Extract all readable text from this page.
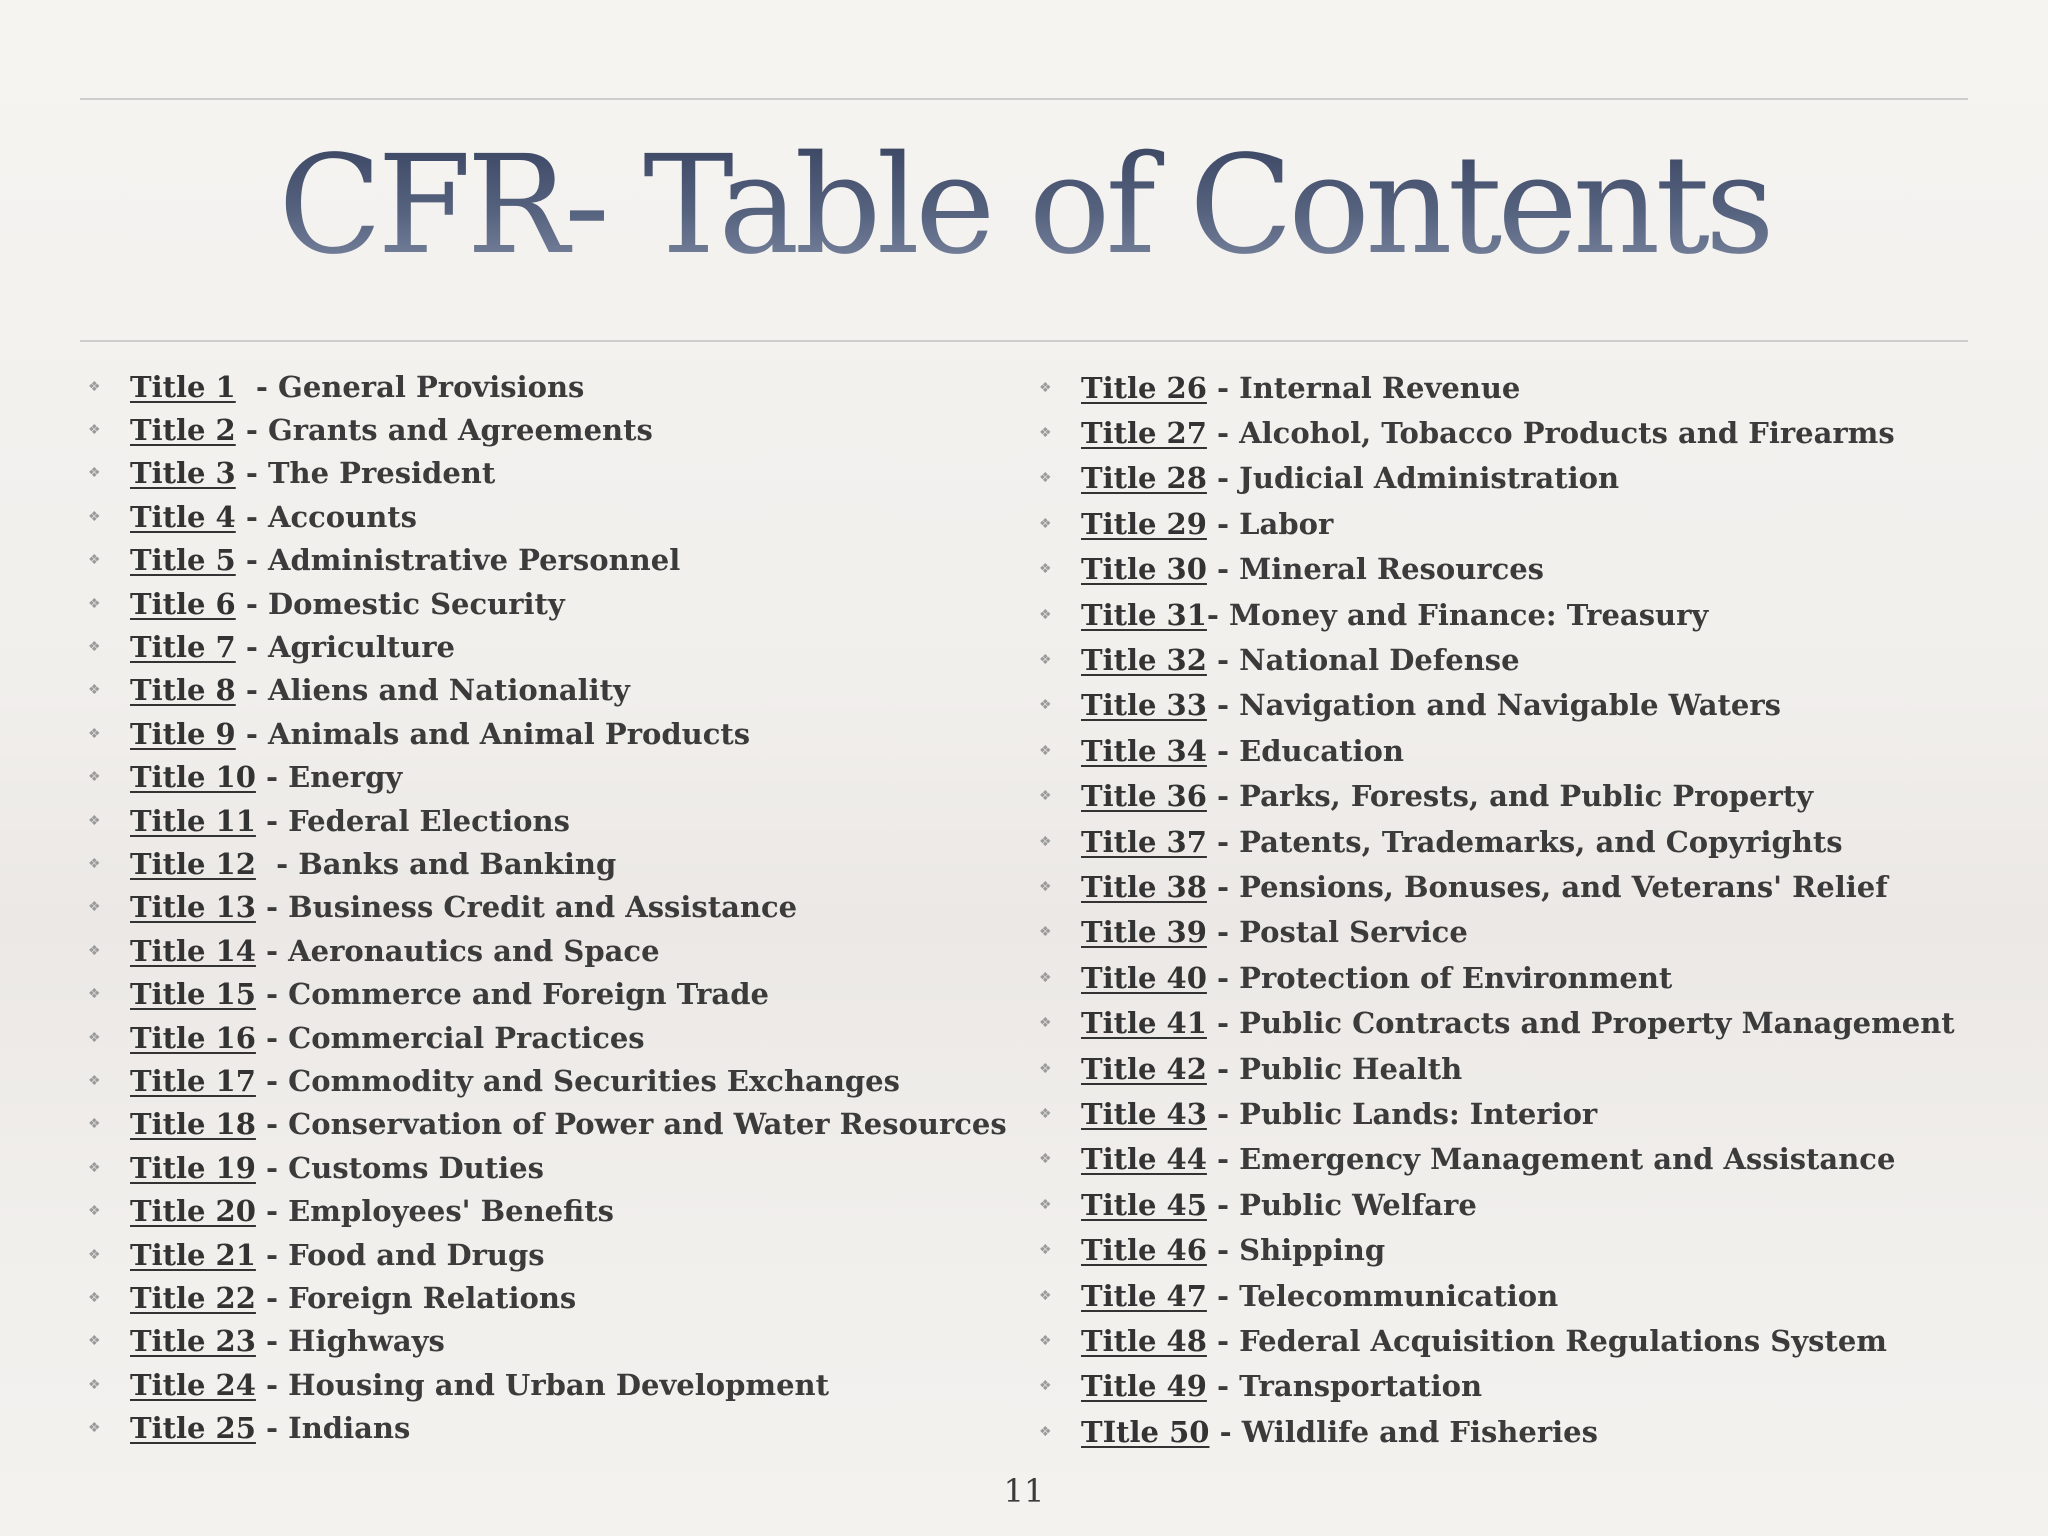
CFR- Table of Contents
❖	Title 1 - General Provisions
❖	Title 2 - Grants and Agreements
❖	Title 3 - The President
❖	Title 4 - Accounts
❖	Title 5 - Administrative Personnel
❖	Title 6 - Domestic Security
❖	Title 7 - Agriculture
❖	Title 8 - Aliens and Nationality
❖	Title 9 - Animals and Animal Products
❖	Title 10 - Energy
❖	Title 11 - Federal Elections
❖	Title 12 - Banks and Banking
❖	Title 13 - Business Credit and Assistance
❖	Title 14 - Aeronautics and Space
❖	Title 15 - Commerce and Foreign Trade
❖	Title 16 - Commercial Practices
❖	Title 17 - Commodity and Securities Exchanges
❖	Title 18 - Conservation of Power and Water Resources
❖	Title 19 - Customs Duties
❖	Title 20 - Employees' Benefits
❖	Title 21 - Food and Drugs
❖	Title 22 - Foreign Relations
❖	Title 23 - Highways
❖	Title 24 - Housing and Urban Development
❖	Title 25 - Indians
❖	Title 26 - Internal Revenue
❖	Title 27 - Alcohol, Tobacco Products and Firearms
❖	Title 28 - Judicial Administration
❖	Title 29 - Labor
❖	Title 30 - Mineral Resources
❖	Title 31 - Money and Finance: Treasury
❖	Title 32 - National Defense
❖	Title 33 - Navigation and Navigable Waters
❖	Title 34 - Education
❖	Title 36 - Parks, Forests, and Public Property
❖	Title 37 - Patents, Trademarks, and Copyrights
❖	Title 38 - Pensions, Bonuses, and Veterans' Relief
❖	Title 39 - Postal Service
❖	Title 40 - Protection of Environment
❖	Title 41 - Public Contracts and Property Management
❖	Title 42 - Public Health
❖	Title 43 - Public Lands: Interior
❖	Title 44 - Emergency Management and Assistance
❖	Title 45 - Public Welfare
❖	Title 46 - Shipping
❖	Title 47 - Telecommunication
❖	Title 48 - Federal Acquisition Regulations System
❖	Title 49 - Transportation
❖	TItle 50 - Wildlife and Fisheries
11
